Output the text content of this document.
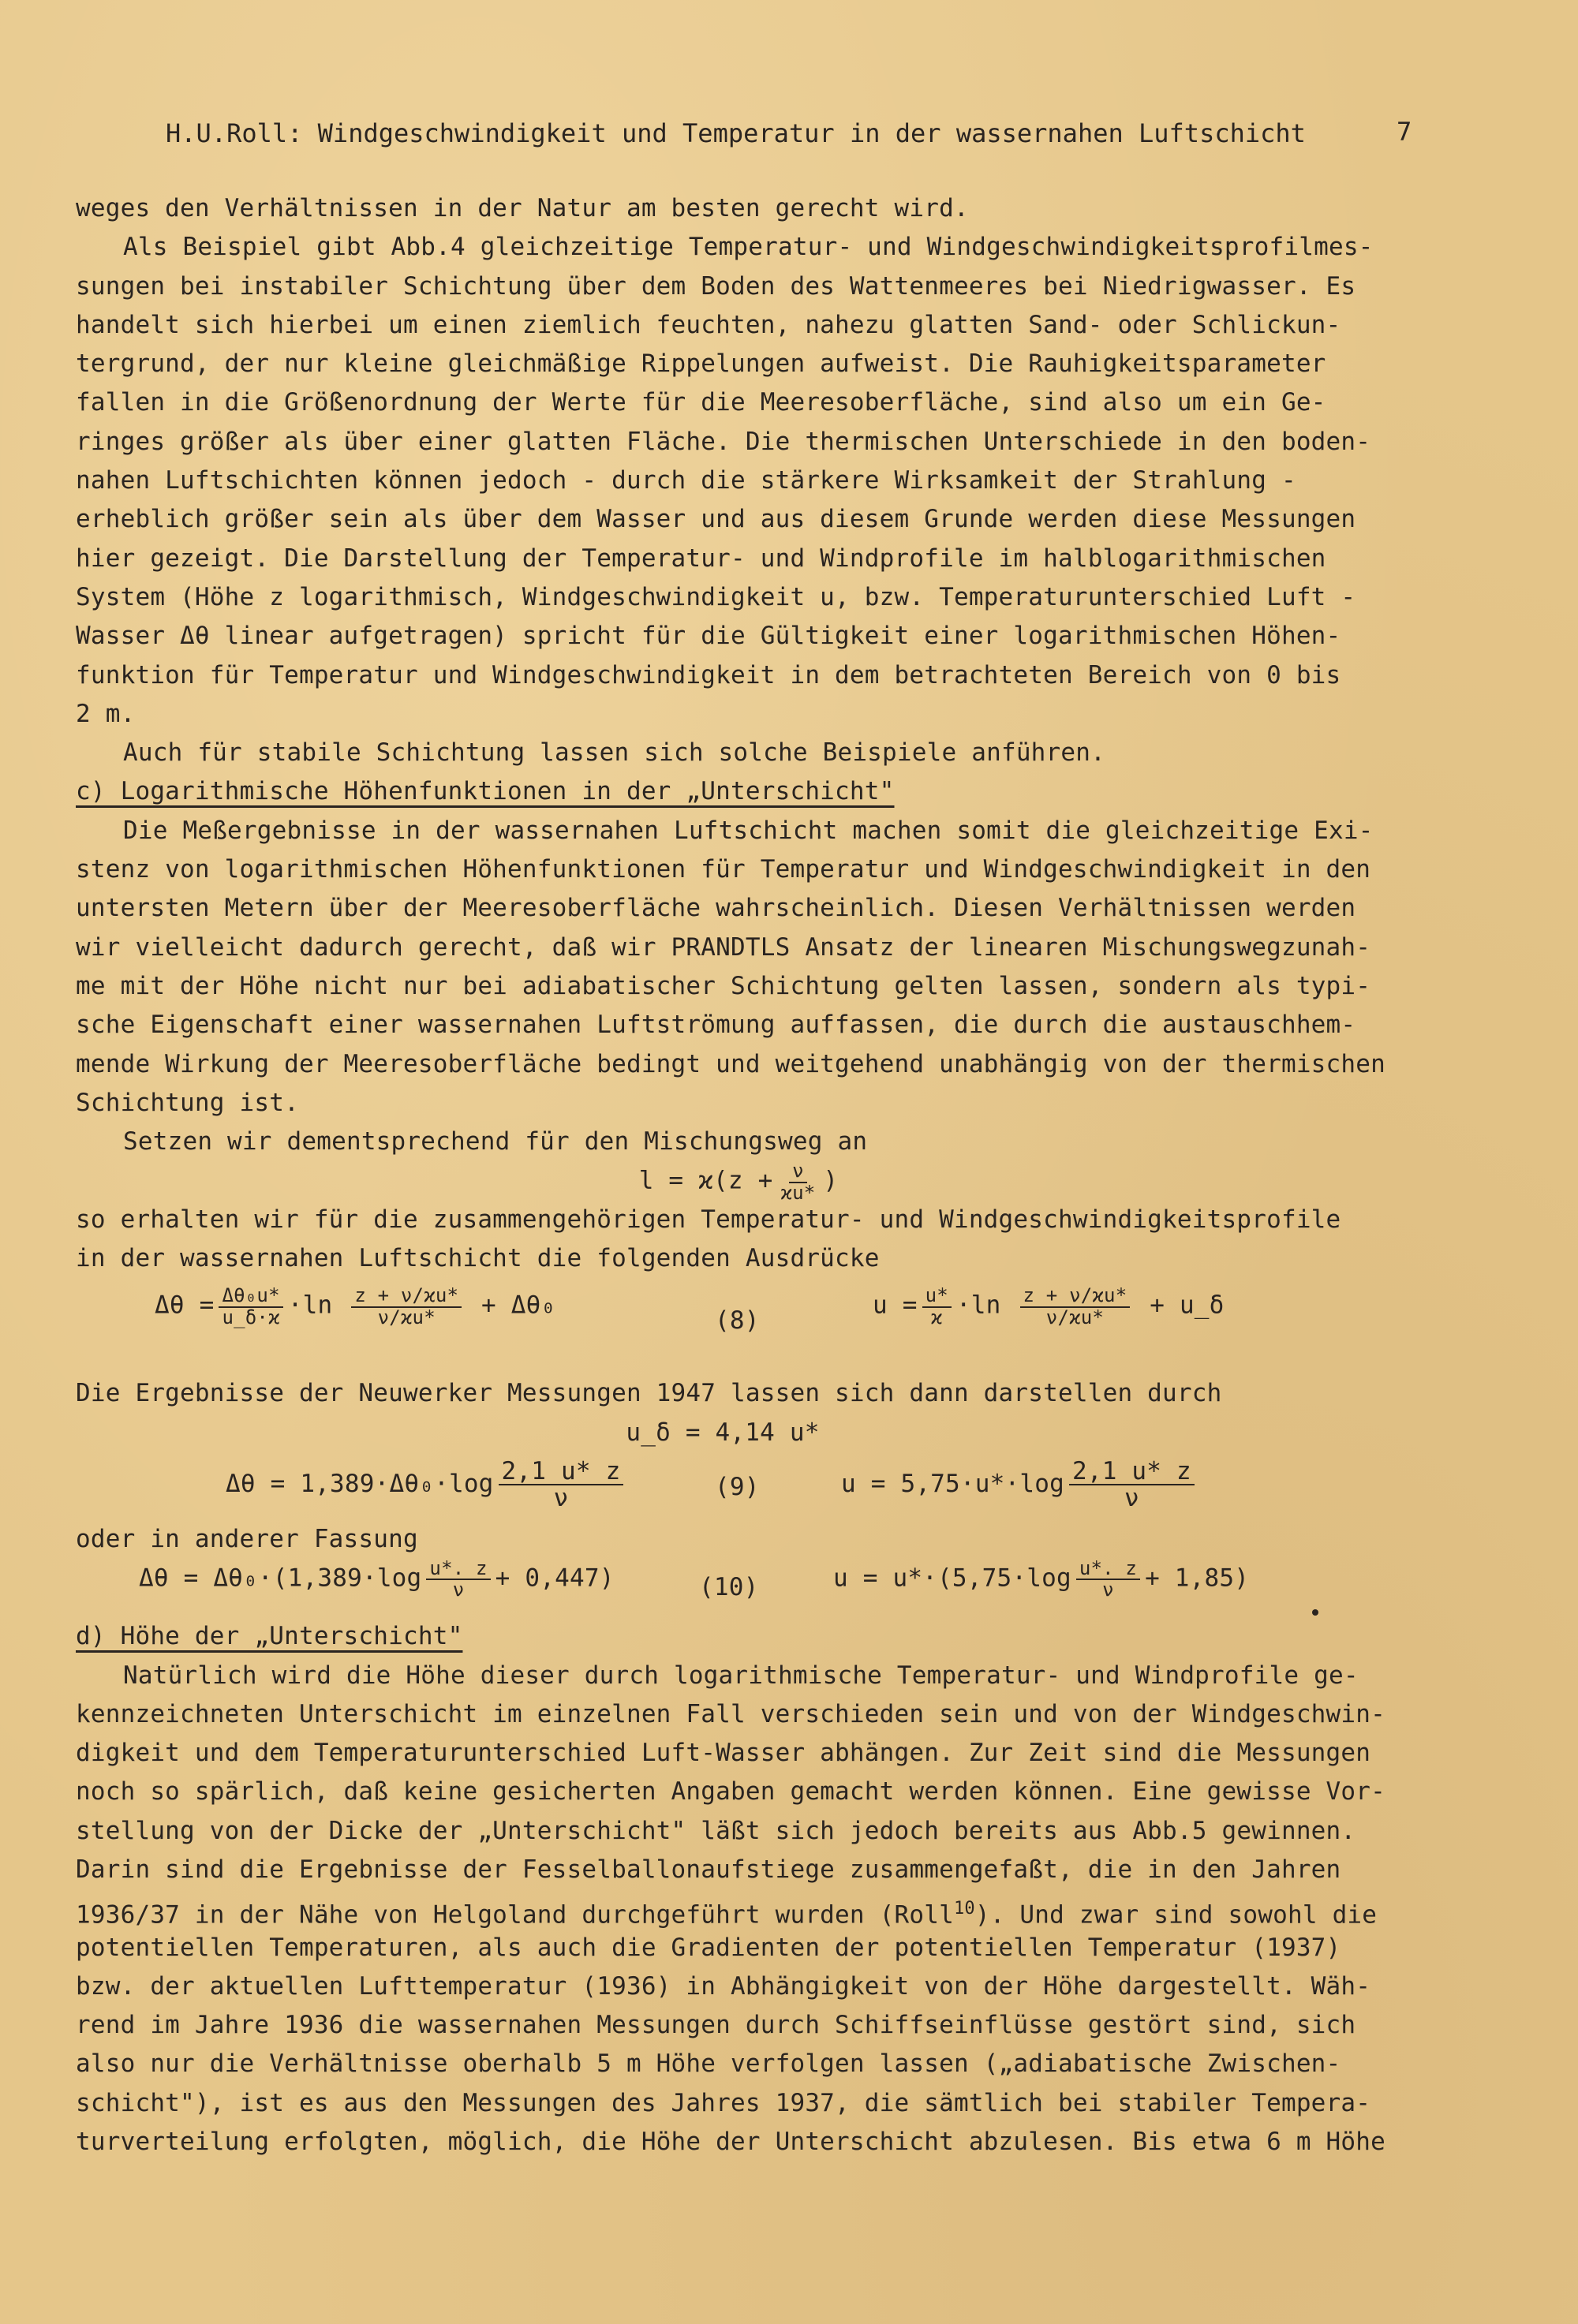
H.U.Roll: Windgeschwindigkeit und Temperatur in der wassernahen Luftschicht	7
weges den Verhältnissen in der Natur am besten gerecht wird.
Als Beispiel gibt Abb.4 gleichzeitige Temperatur- und Windgeschwindigkeitsprofilmes-
sungen bei instabiler Schichtung über dem Boden des Wattenmeeres bei Niedrigwasser. Es
handelt sich hierbei um einen ziemlich feuchten, nahezu glatten Sand- oder Schlickun-
tergrund, der nur kleine gleichmäßige Rippelungen aufweist. Die Rauhigkeitsparameter
fallen in die Größenordnung der Werte für die Meeresoberfläche, sind also um ein Ge-
ringes größer als über einer glatten Fläche. Die thermischen Unterschiede in den boden-
nahen Luftschichten können jedoch - durch die stärkere Wirksamkeit der Strahlung -
erheblich größer sein als über dem Wasser und aus diesem Grunde werden diese Messungen
hier gezeigt. Die Darstellung der Temperatur- und Windprofile im halblogarithmischen
System (Höhe z logarithmisch, Windgeschwindigkeit u, bzw. Temperaturunterschied Luft -
Wasser Δθ linear aufgetragen) spricht für die Gültigkeit einer logarithmischen Höhen-
funktion für Temperatur und Windgeschwindigkeit in dem betrachteten Bereich von 0 bis
2 m.
Auch für stabile Schichtung lassen sich solche Beispiele anführen.
c) Logarithmische Höhenfunktionen in der „Unterschicht"
Die Meßergebnisse in der wassernahen Luftschicht machen somit die gleichzeitige Exi-
stenz von logarithmischen Höhenfunktionen für Temperatur und Windgeschwindigkeit in den
untersten Metern über der Meeresoberfläche wahrscheinlich. Diesen Verhältnissen werden
wir vielleicht dadurch gerecht, daß wir PRANDTLS Ansatz der linearen Mischungswegzunah-
me mit der Höhe nicht nur bei adiabatischer Schichtung gelten lassen, sondern als typi-
sche Eigenschaft einer wassernahen Luftströmung auffassen, die durch die austauschhem-
mende Wirkung der Meeresoberfläche bedingt und weitgehend unabhängig von der thermischen
Schichtung ist.
Setzen wir dementsprechend für den Mischungsweg an
$l = ϰ(z + \frac{\nu}{ϰu*}$ )
so erhalten wir für die zusammengehörigen Temperatur- und Windgeschwindigkeitsprofile
in der wassernahen Luftschicht die folgenden Ausdrücke
$\Delta\theta = \frac{\text{Δθ₀u*}}{u\_\delta\cdot ϰ} \cdot\ln \frac{z + \nu/ϰu*}{\nu/ϰu*} + \Delta\theta_0$
(8)
$u = \frac{u*}{ϰ} \cdot\ln \frac{z + \nu/ϰu*}{\nu/ϰu*}$ + u_δ
Die Ergebnisse der Neuwerker Messungen 1947 lassen sich dann darstellen durch
u_δ = 4,14 u*
$\Delta\theta = 1,389\cdot\Delta\theta_0\cdot\log \frac{2,1 u* z}{\nu}$	(9)	$u = 5,75\cdot u*\cdot\log \frac{2,1 u* z}{\nu}$
oder in anderer Fassung
$\Delta\theta = \Delta\theta_0\cdot(1,389\cdot\log \frac{u*. z}{\nu} + 0,447)$	(10)	$u = u*\cdot(5,75\cdot\log \frac{u*. z}{\nu} + 1,85)$
d) Höhe der „Unterschicht"
Natürlich wird die Höhe dieser durch logarithmische Temperatur- und Windprofile ge-
kennzeichneten Unterschicht im einzelnen Fall verschieden sein und von der Windgeschwin-
digkeit und dem Temperaturunterschied Luft-Wasser abhängen. Zur Zeit sind die Messungen
noch so spärlich, daß keine gesicherten Angaben gemacht werden können. Eine gewisse Vor-
stellung von der Dicke der „Unterschicht" läßt sich jedoch bereits aus Abb.5 gewinnen.
Darin sind die Ergebnisse der Fesselballonaufstiege zusammengefaßt, die in den Jahren
1936/37 in der Nähe von Helgoland durchgeführt wurden (Roll$^{10}$). Und zwar sind sowohl die
potentiellen Temperaturen, als auch die Gradienten der potentiellen Temperatur (1937)
bzw. der aktuellen Lufttemperatur (1936) in Abhängigkeit von der Höhe dargestellt. Wäh-
rend im Jahre 1936 die wassernahen Messungen durch Schiffseinflüsse gestört sind, sich
also nur die Verhältnisse oberhalb 5 m Höhe verfolgen lassen („adiabatische Zwischen-
schicht"), ist es aus den Messungen des Jahres 1937, die sämtlich bei stabiler Tempera-
turverteilung erfolgten, möglich, die Höhe der Unterschicht abzulesen. Bis etwa 6 m Höhe
